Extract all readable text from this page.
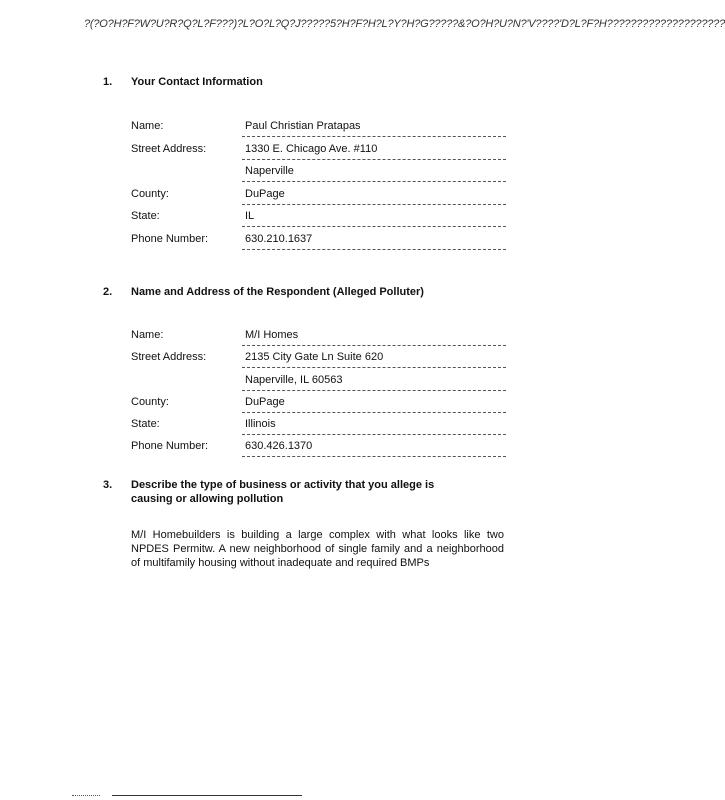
?(?O?H?F?W?U?R?Q?L?F???)?L?O?L?Q?J?????5?H?F?H?L?Y?H?G?????&?O?H?U?N?'V????'D?L?F?H????????????????????
1. Your Contact Information
Name:	Paul Christian Pratapas
Street Address:	1330 E. Chicago Ave. #110
Naperville
County:	DuPage
State:	IL
Phone Number:	630.210.1637
2. Name and Address of the Respondent (Alleged Polluter)
Name:	M/I Homes
Street Address:	2135 City Gate Ln Suite 620
Naperville, IL 60563
County:	DuPage
State:	Illinois
Phone Number:	630.426.1370
3. Describe the type of business or activity that you allege is
causing or allowing pollution
M/I Homebuilders is building a large complex with what looks like two NPDES Permitw. A new neighborhood of single family and a neighborhood of multifamily housing without inadequate and required BMPs
